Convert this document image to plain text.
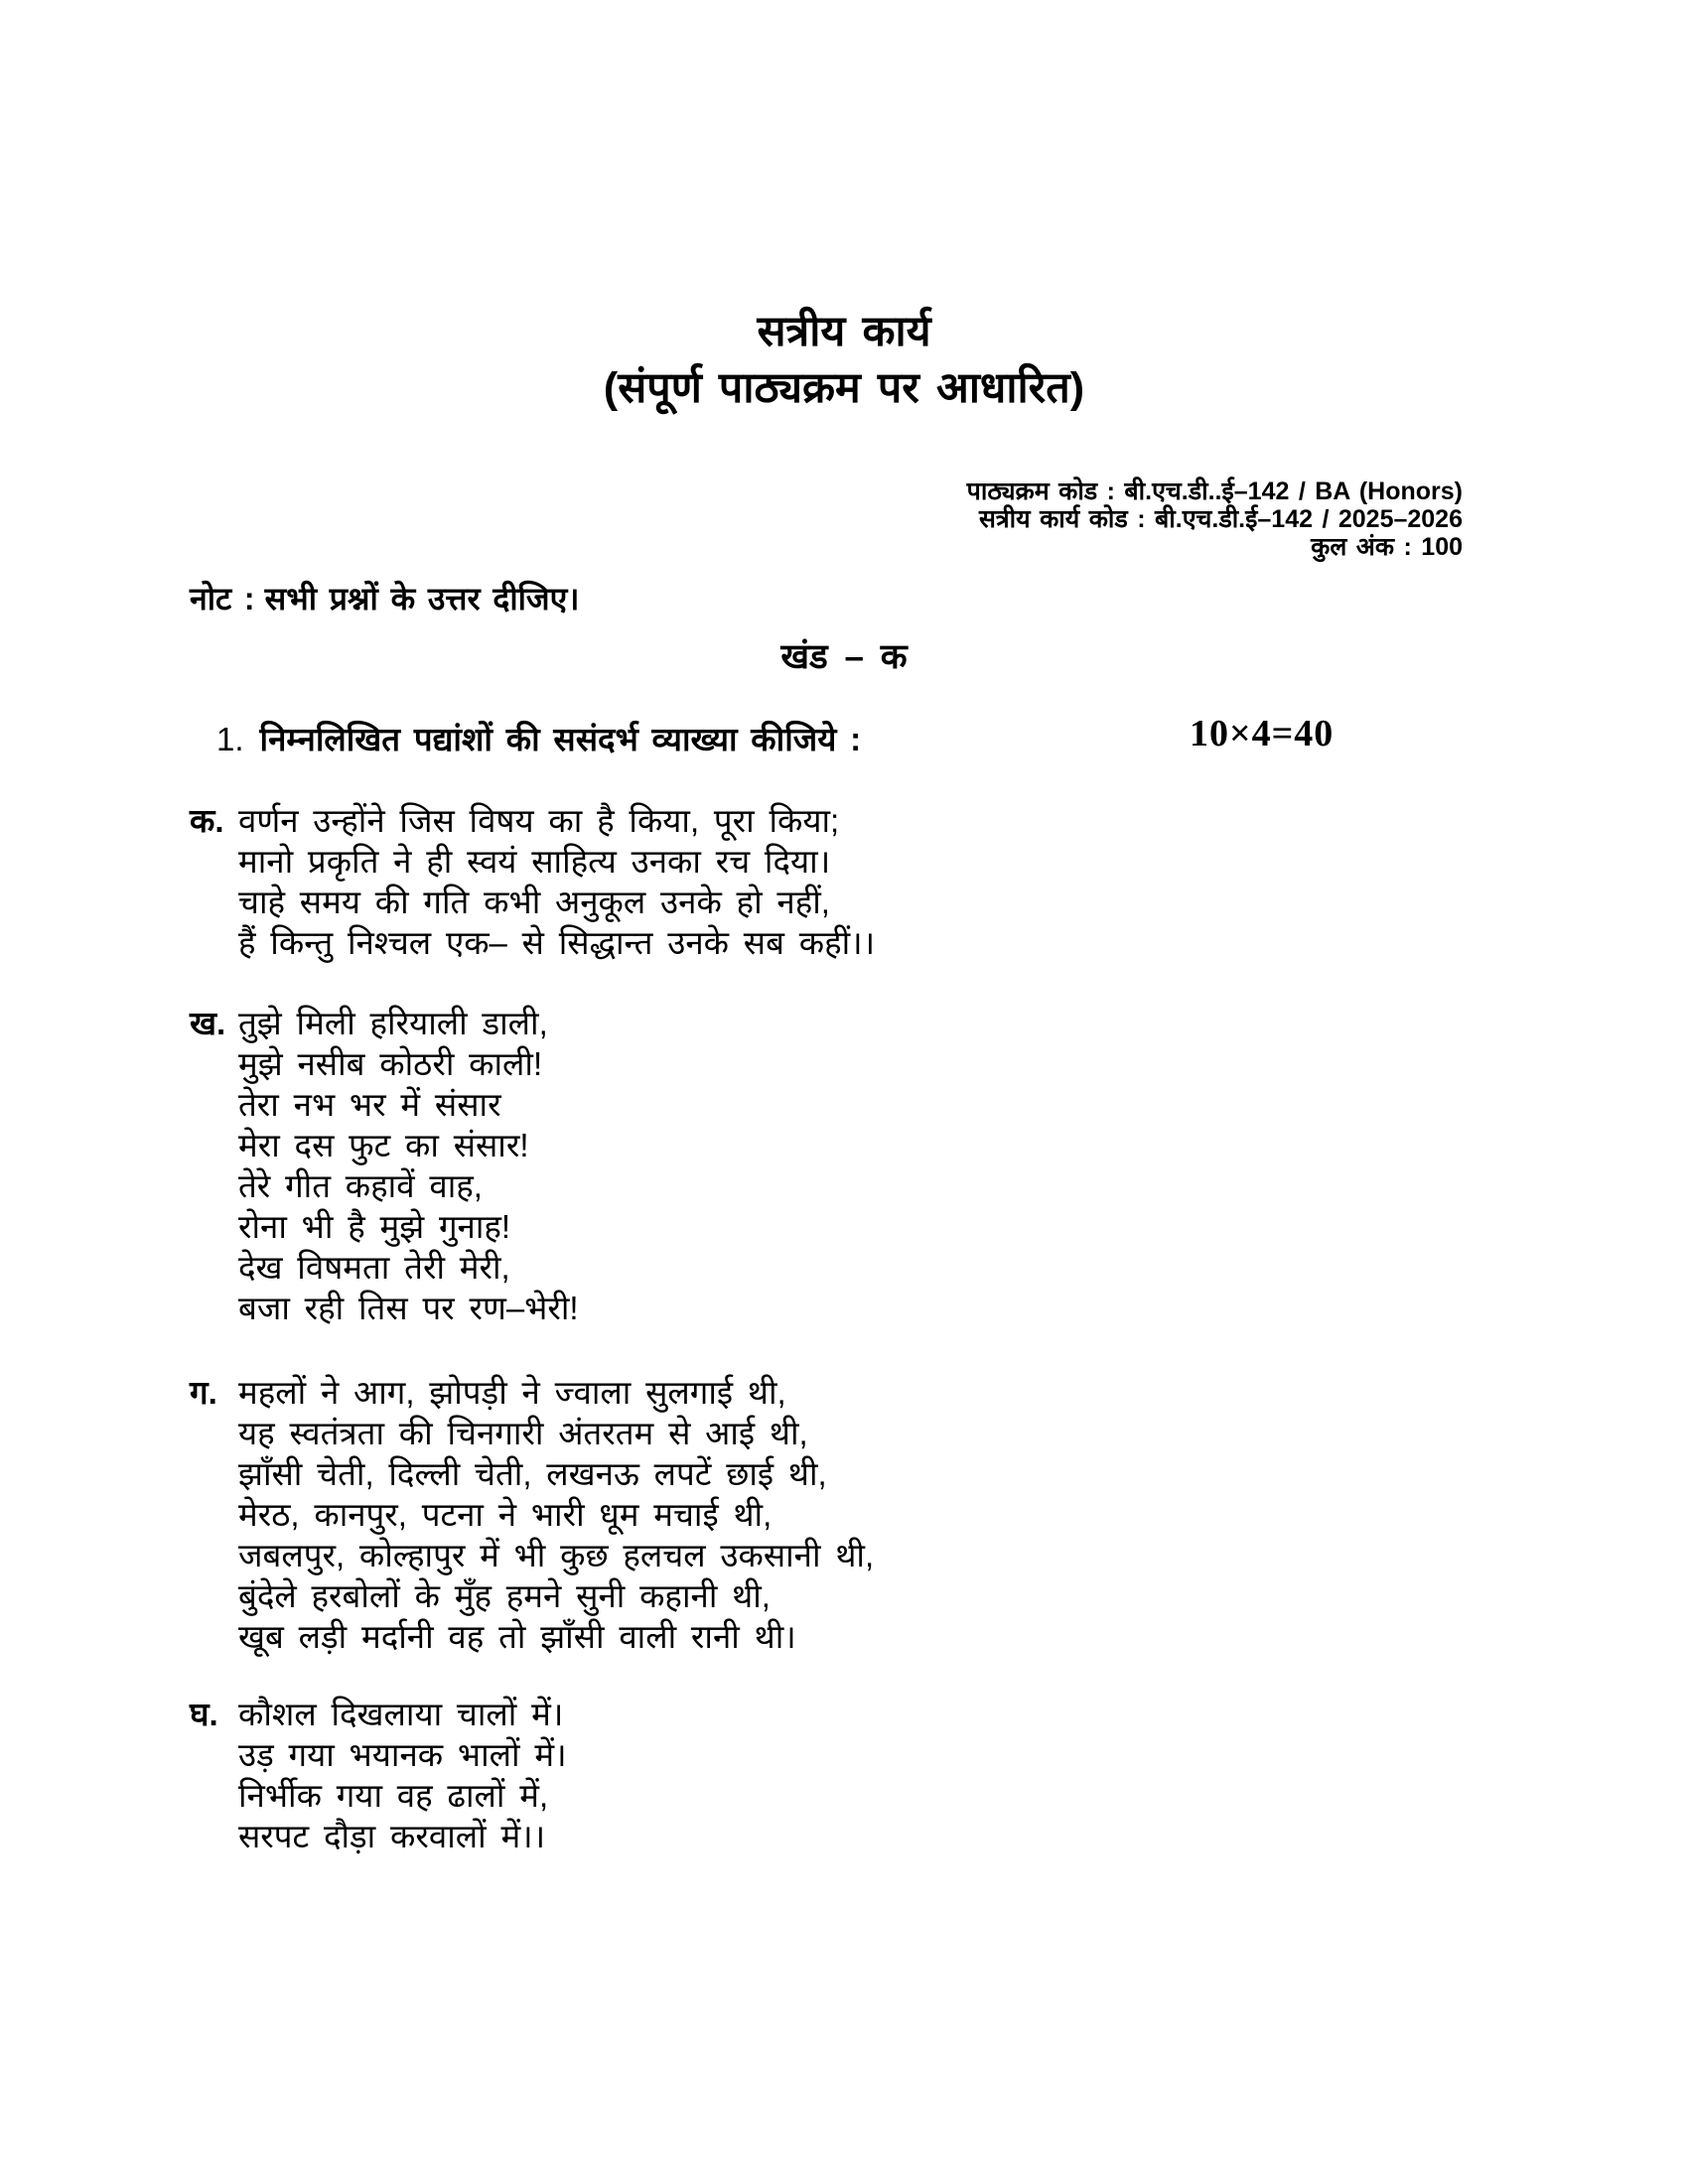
सत्रीय कार्य
(संपूर्ण पाठ्यक्रम पर आधारित)
पाठ्यक्रम कोड : बी.एच.डी..ई–142 / BA (Honors)
सत्रीय कार्य कोड : बी.एच.डी.ई–142 / 2025–2026
कुल अंक : 100
नोट : सभी प्रश्नों के उत्तर दीजिए।
खंड – क
1. निम्नलिखित पद्यांशों की ससंदर्भ व्याख्या कीजिये :	10×4=40
क. वर्णन उन्होंने जिस विषय का है किया, पूरा किया;
मानो प्रकृति ने ही स्वयं साहित्य उनका रच दिया।
चाहे समय की गति कभी अनुकूल उनके हो नहीं,
हैं किन्तु निश्चल एक– से सिद्धान्त उनके सब कहीं।।
ख. तुझे मिली हरियाली डाली,
मुझे नसीब कोठरी काली!
तेरा नभ भर में संसार
मेरा दस फुट का संसार!
तेरे गीत कहावें वाह,
रोना भी है मुझे गुनाह!
देख विषमता तेरी मेरी,
बजा रही तिस पर रण–भेरी!
ग. महलों ने आग, झोपड़ी ने ज्वाला सुलगाई थी,
यह स्वतंत्रता की चिनगारी अंतरतम से आई थी,
झाँसी चेती, दिल्ली चेती, लखनऊ लपटें छाई थी,
मेरठ, कानपुर, पटना ने भारी धूम मचाई थी,
जबलपुर, कोल्हापुर में भी कुछ हलचल उकसानी थी,
बुंदेले हरबोलों के मुँह हमने सुनी कहानी थी,
खूब लड़ी मर्दानी वह तो झाँसी वाली रानी थी।
घ. कौशल दिखलाया चालों में।
उड़ गया भयानक भालों में।
निर्भीक गया वह ढालों में,
सरपट दौड़ा करवालों में।।
